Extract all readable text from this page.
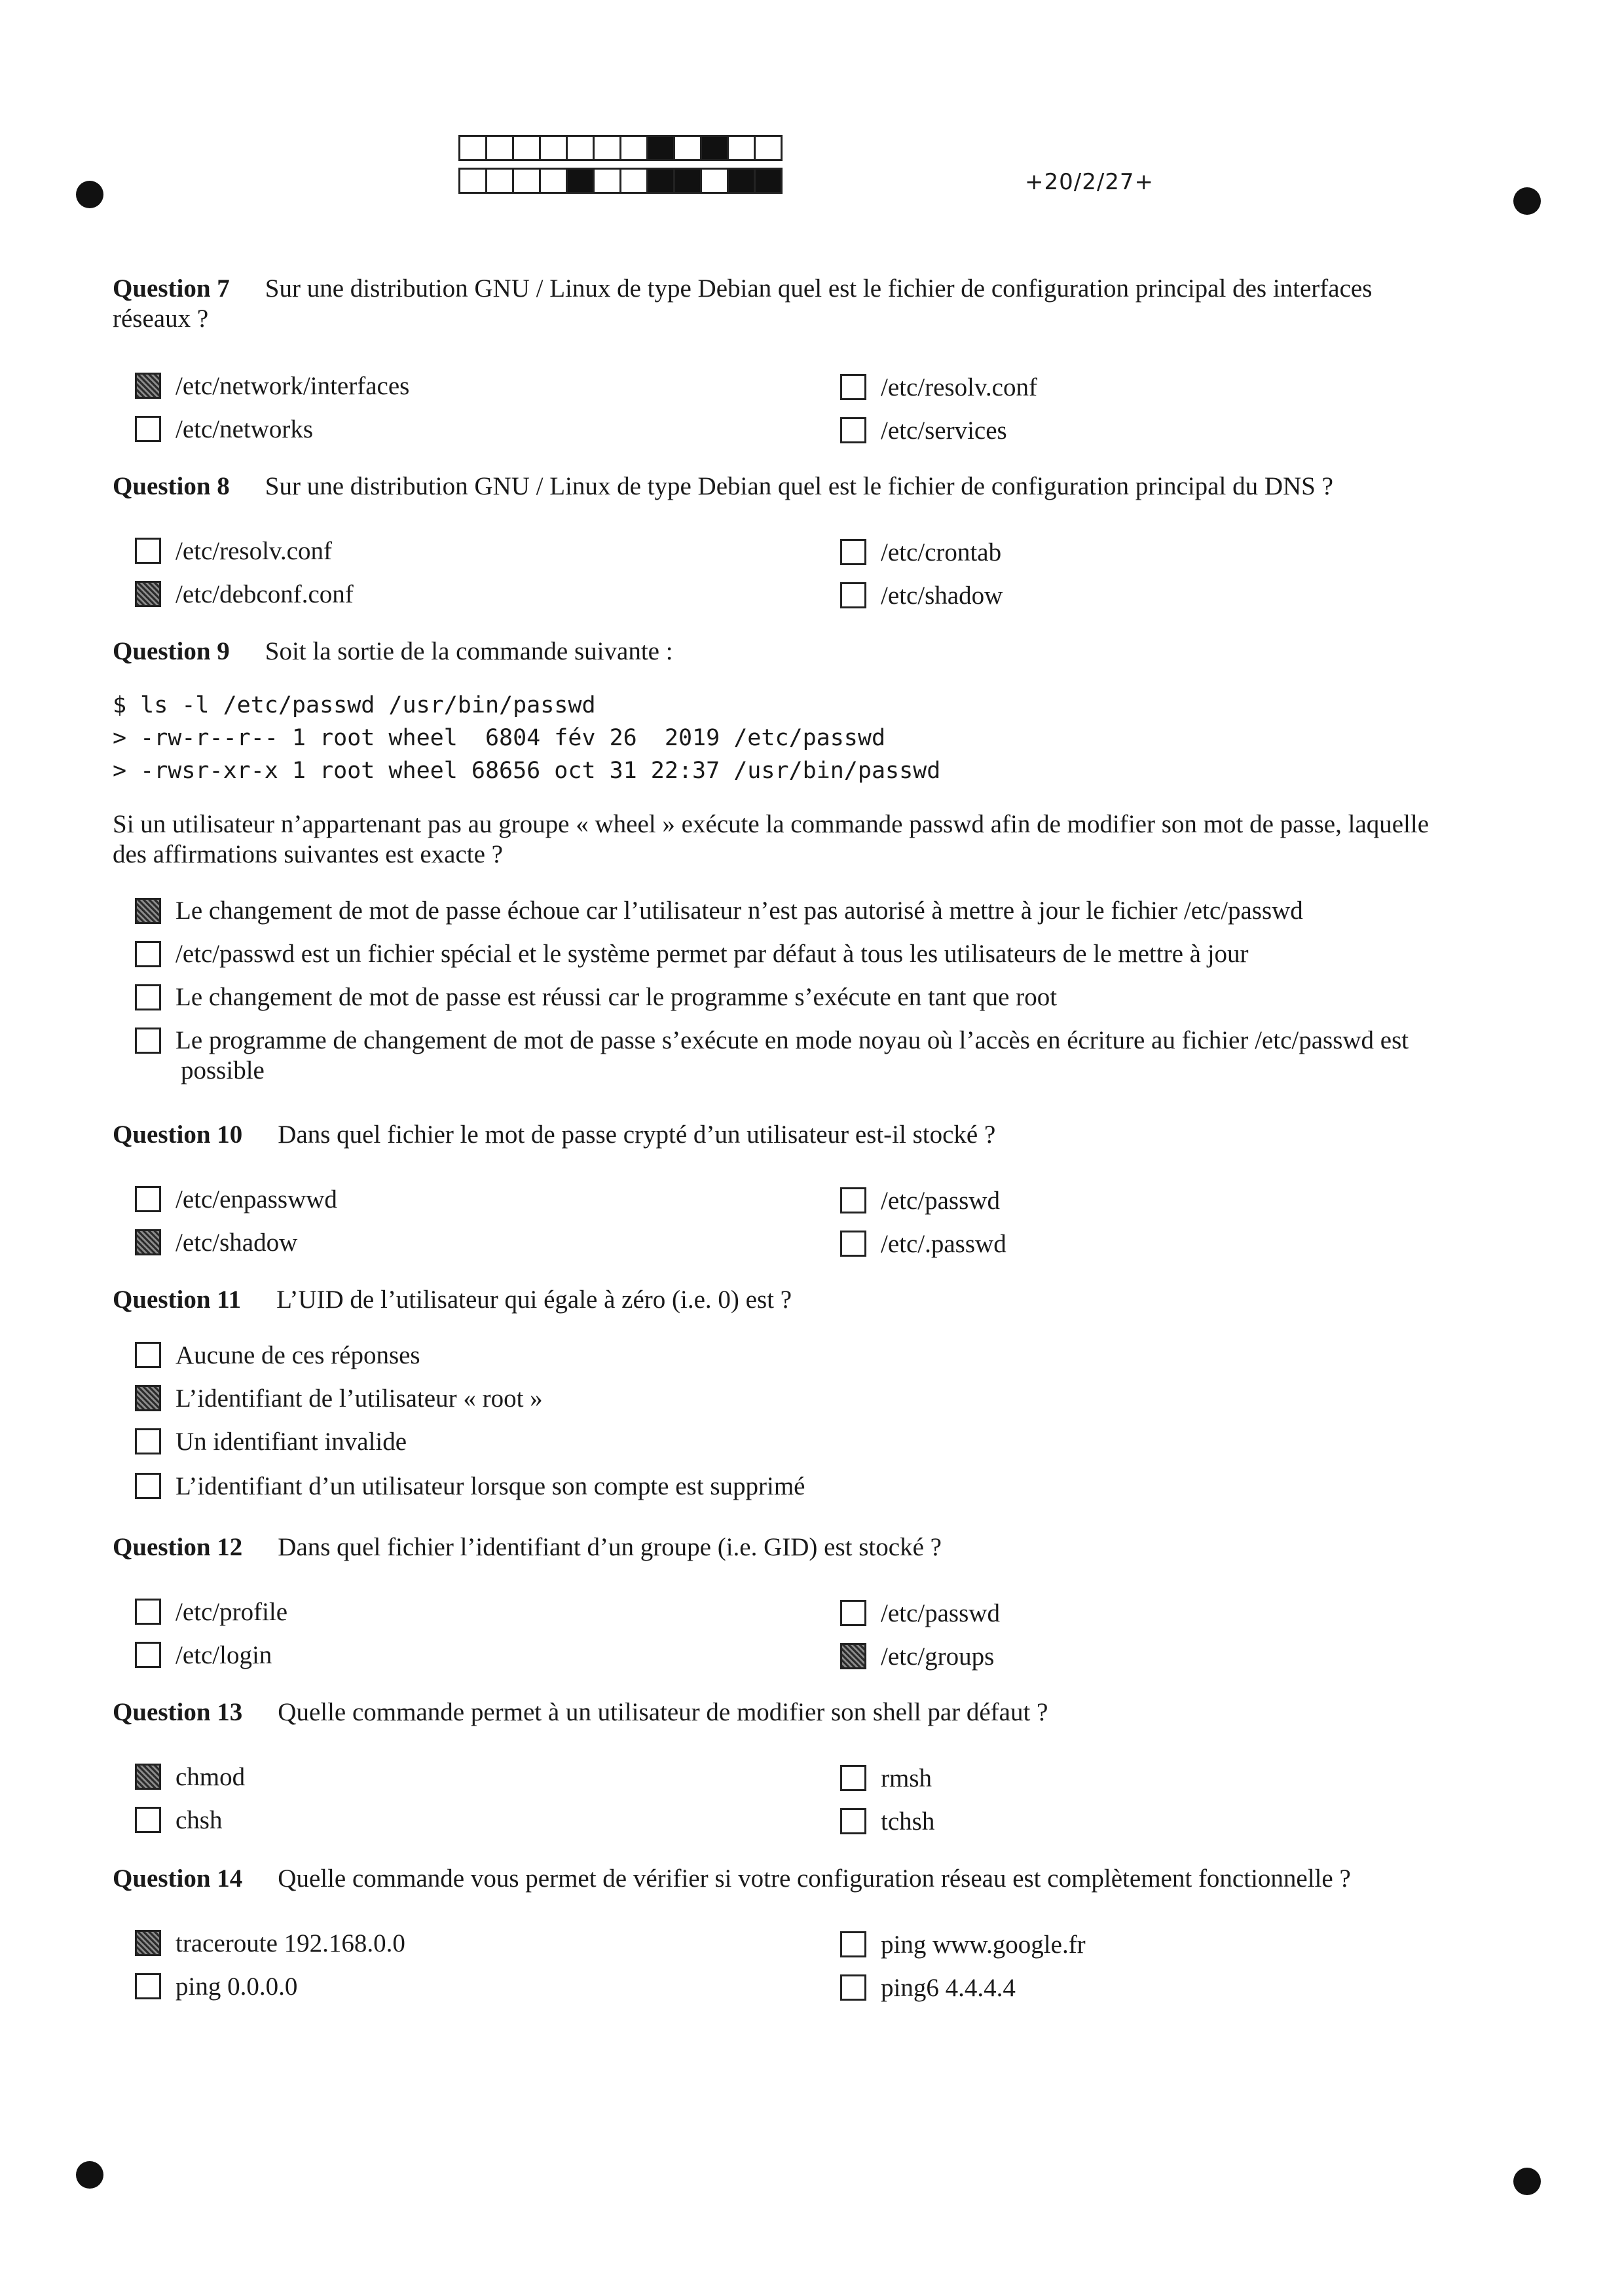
+20/2/27+
Question 7 Sur une distribution GNU / Linux de type Debian quel est le fichier de configuration principal des interfaces
réseaux ?
/etc/network/interfaces	/etc/resolv.conf
/etc/networks	/etc/services
Question 8 Sur une distribution GNU / Linux de type Debian quel est le fichier de configuration principal du DNS ?
/etc/resolv.conf	/etc/crontab
/etc/debconf.conf	/etc/shadow
Question 9 Soit la sortie de la commande suivante :
$ ls -l /etc/passwd /usr/bin/passwd
> -rw-r--r-- 1 root wheel  6804 fév 26  2019 /etc/passwd
> -rwsr-xr-x 1 root wheel 68656 oct 31 22:37 /usr/bin/passwd
Si un utilisateur n’appartenant pas au groupe « wheel » exécute la commande passwd afin de modifier son mot de passe, laquelle
des affirmations suivantes est exacte ?
Le changement de mot de passe échoue car l’utilisateur n’est pas autorisé à mettre à jour le fichier /etc/passwd
/etc/passwd est un fichier spécial et le système permet par défaut à tous les utilisateurs de le mettre à jour
Le changement de mot de passe est réussi car le programme s’exécute en tant que root
Le programme de changement de mot de passe s’exécute en mode noyau où l’accès en écriture au fichier /etc/passwd est
possible
Question 10 Dans quel fichier le mot de passe crypté d’un utilisateur est-il stocké ?
/etc/enpasswwd	/etc/passwd
/etc/shadow	/etc/.passwd
Question 11 L’UID de l’utilisateur qui égale à zéro (i.e. 0) est ?
Aucune de ces réponses
L’identifiant de l’utilisateur « root »
Un identifiant invalide
L’identifiant d’un utilisateur lorsque son compte est supprimé
Question 12 Dans quel fichier l’identifiant d’un groupe (i.e. GID) est stocké ?
/etc/profile	/etc/passwd
/etc/login	/etc/groups
Question 13 Quelle commande permet à un utilisateur de modifier son shell par défaut ?
chmod	rmsh
chsh	tchsh
Question 14 Quelle commande vous permet de vérifier si votre configuration réseau est complètement fonctionnelle ?
traceroute 192.168.0.0	ping www.google.fr
ping 0.0.0.0	ping6 4.4.4.4
